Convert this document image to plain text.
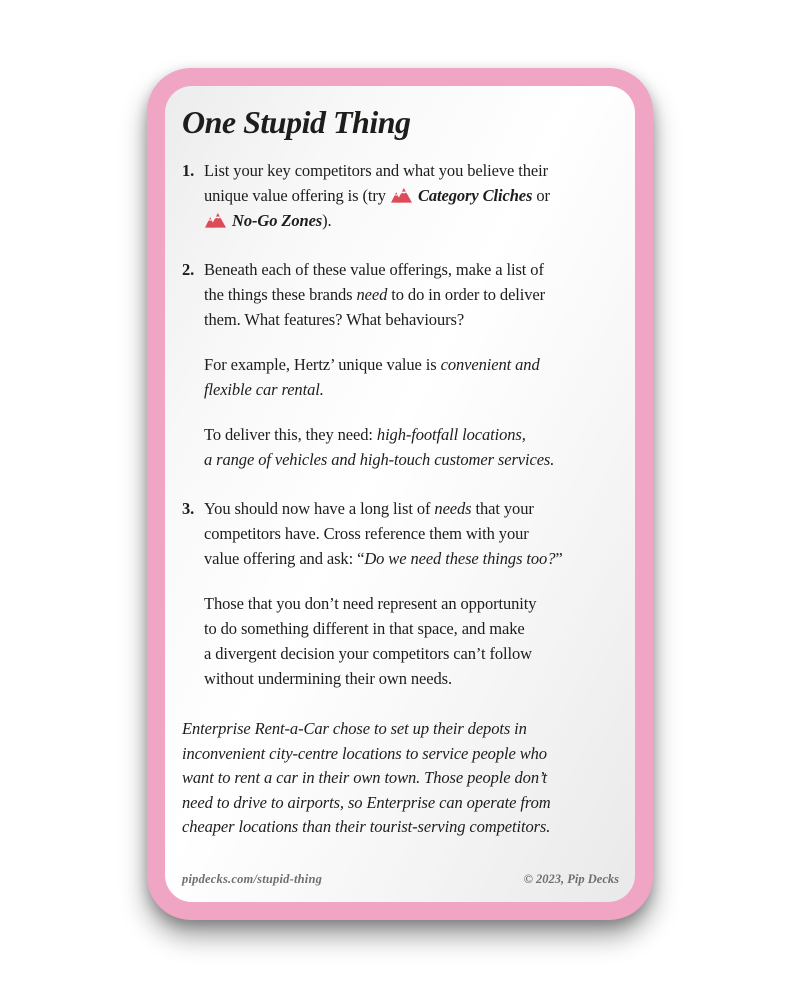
One Stupid Thing
1. List your key competitors and what you believe their
unique value offering is (try  Category Cliches or
No-Go Zones).
2. Beneath each of these value offerings, make a list of
the things these brands need to do in order to deliver
them. What features? What behaviours?
For example, Hertz’ unique value is convenient and
flexible car rental.
To deliver this, they need: high-footfall locations,
a range of vehicles and high-touch customer services.
3. You should now have a long list of needs that your
competitors have. Cross reference them with your
value offering and ask: “Do we need these things too?”
Those that you don’t need represent an opportunity
to do something different in that space, and make
a divergent decision your competitors can’t follow
without undermining their own needs.
Enterprise Rent-a-Car chose to set up their depots in
inconvenient city-centre locations to service people who
want to rent a car in their own town. Those people don’t
need to drive to airports, so Enterprise can operate from
cheaper locations than their tourist-serving competitors.
pipdecks.com/stupid-thing	© 2023, Pip Decks
